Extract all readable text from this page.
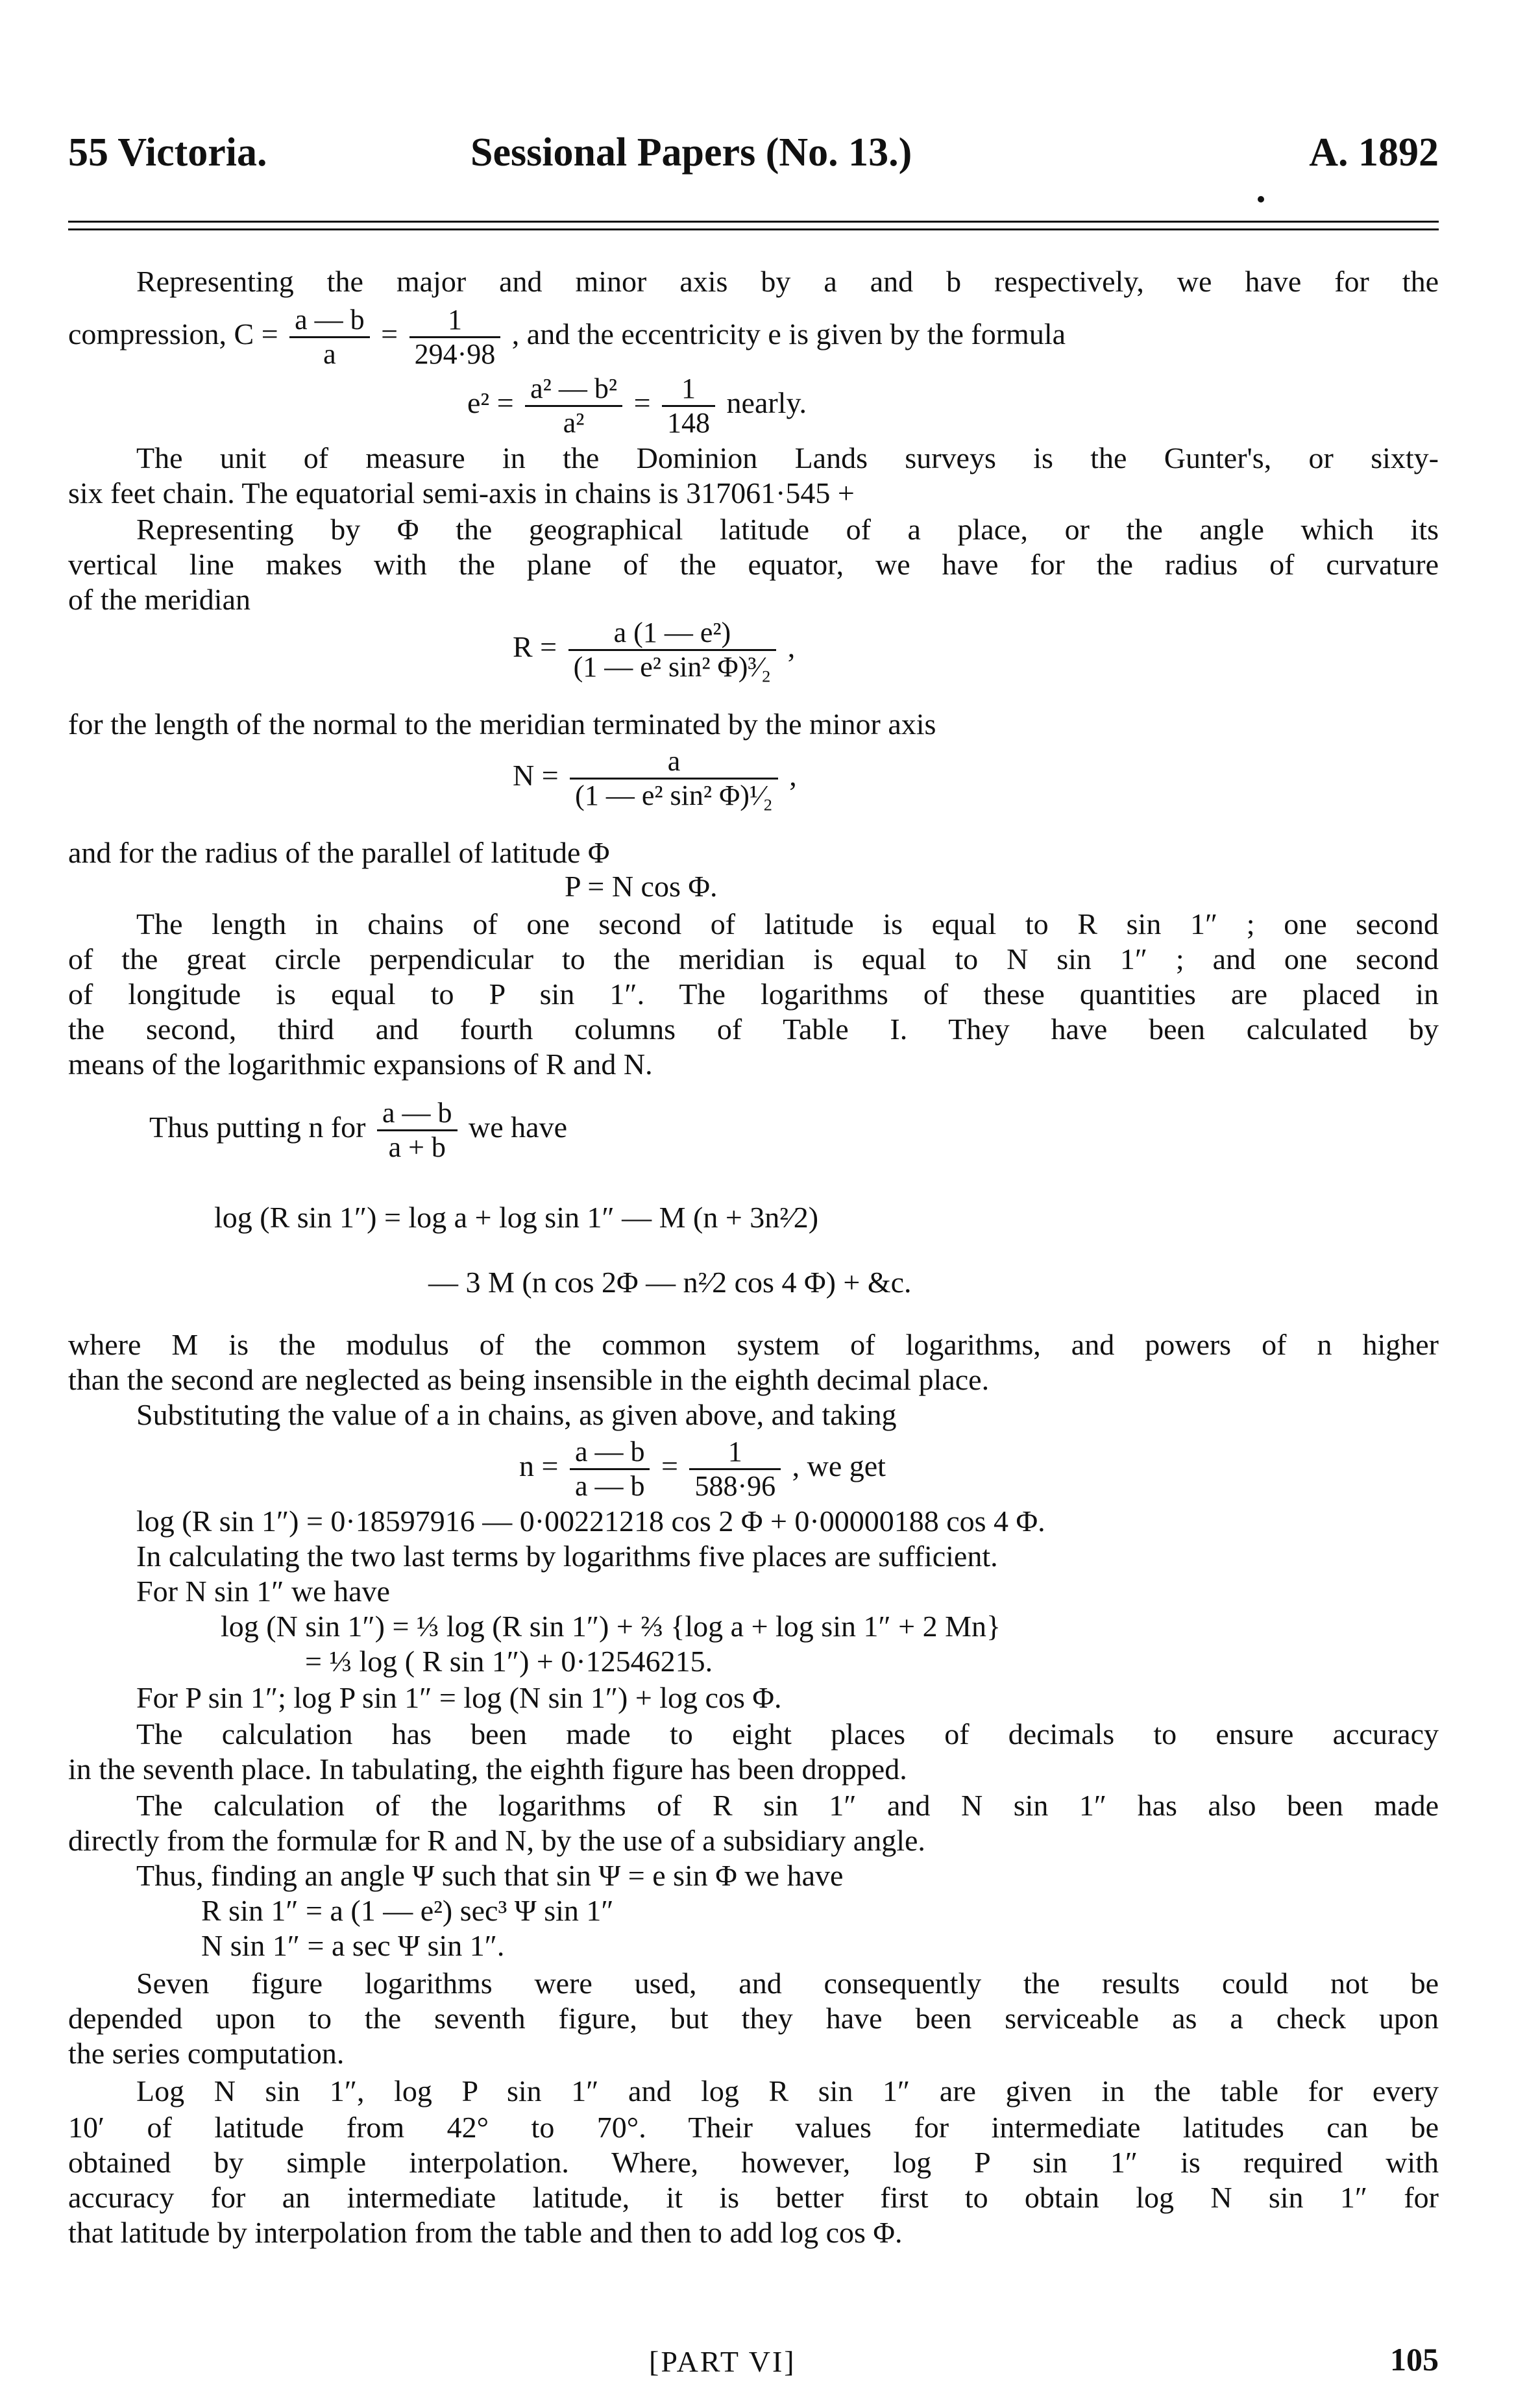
55 Victoria.	Sessional Papers (No. 13.)	A. 1892
Representing the major and minor axis by a and b respectively, we have for the
compression, $C = \frac{a — b}{a} = \frac{1}{294\cdot 98}$ , and the eccentricity e is given by the formula
$e^2 = \frac{\text{a² — b²}}{\text{a²}} = \frac{1}{148}$ nearly.
The unit of measure in the Dominion Lands surveys is the Gunter's, or sixty-
six feet chain. The equatorial semi-axis in chains is 317061·545 +
Representing by Φ the geographical latitude of a place, or the angle which its
vertical line makes with the plane of the equator, we have for the radius of curvature
of the meridian
$R = \frac{\text{a (1 — e²)}}{\text{(1 — e² sin² Φ)³⁄₂}}$ ,
for the length of the normal to the meridian terminated by the minor axis
$N = \frac{a}{\text{(1 — e² sin² Φ)¹⁄₂}}$ ,
and for the radius of the parallel of latitude Φ
P = N cos Φ.
The length in chains of one second of latitude is equal to R sin 1″ ; one second
of the great circle perpendicular to the meridian is equal to N sin 1″ ; and one second
of longitude is equal to P sin 1″. The logarithms of these quantities are placed in
the second, third and fourth columns of Table I. They have been calculated by
means of the logarithmic expansions of R and N.
Thus putting n for $\frac{a — b}{a + b}$ we have
log (R sin 1″) = log a + log sin 1″ — M (n + 3n²⁄2)
— 3 M (n cos 2Φ — n²⁄2 cos 4 Φ) + &c.
where M is the modulus of the common system of logarithms, and powers of n higher
than the second are neglected as being insensible in the eighth decimal place.
Substituting the value of a in chains, as given above, and taking
$n = \frac{a — b}{a — b} = \frac{1}{588\cdot 96}$ , we get
log (R sin 1″) = 0·18597916 — 0·00221218 cos 2 Φ + 0·00000188 cos 4 Φ.
In calculating the two last terms by logarithms five places are sufficient.
For N sin 1″ we have
log (N sin 1″) = ⅓ log (R sin 1″) + ⅔ {log a + log sin 1″ + 2 Mn}
= ⅓ log ( R sin 1″) + 0·12546215.
For P sin 1″; log P sin 1″ = log (N sin 1″) + log cos Φ.
The calculation has been made to eight places of decimals to ensure accuracy
in the seventh place. In tabulating, the eighth figure has been dropped.
The calculation of the logarithms of R sin 1″ and N sin 1″ has also been made
directly from the formulæ for R and N, by the use of a subsidiary angle.
Thus, finding an angle Ψ such that sin Ψ = e sin Φ we have
R sin 1″ = a (1 — e²) sec³ Ψ sin 1″
N sin 1″ = a sec Ψ sin 1″.
Seven figure logarithms were used, and consequently the results could not be
depended upon to the seventh figure, but they have been serviceable as a check upon
the series computation.
Log N sin 1″, log P sin 1″ and log R sin 1″ are given in the table for every
10′ of latitude from 42° to 70°. Their values for intermediate latitudes can be
obtained by simple interpolation. Where, however, log P sin 1″ is required with
accuracy for an intermediate latitude, it is better first to obtain log N sin 1″ for
that latitude by interpolation from the table and then to add log cos Φ.
[PART VI]	105
